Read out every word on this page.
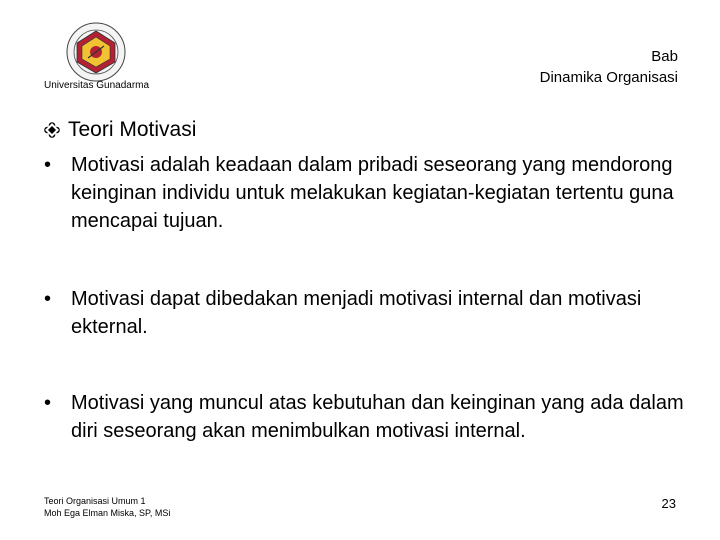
Universitas Gunadarma
Bab
Dinamika Organisasi
Teori Motivasi
• Motivasi adalah keadaan dalam pribadi seseorang yang mendorong keinginan individu untuk melakukan kegiatan-kegiatan tertentu guna mencapai tujuan.
• Motivasi dapat dibedakan menjadi motivasi internal dan motivasi ekternal.
• Motivasi yang muncul atas kebutuhan dan keinginan yang ada dalam diri seseorang akan menimbulkan motivasi internal.
Teori Organisasi Umum 1
Moh Ega Elman Miska, SP, MSi
23
